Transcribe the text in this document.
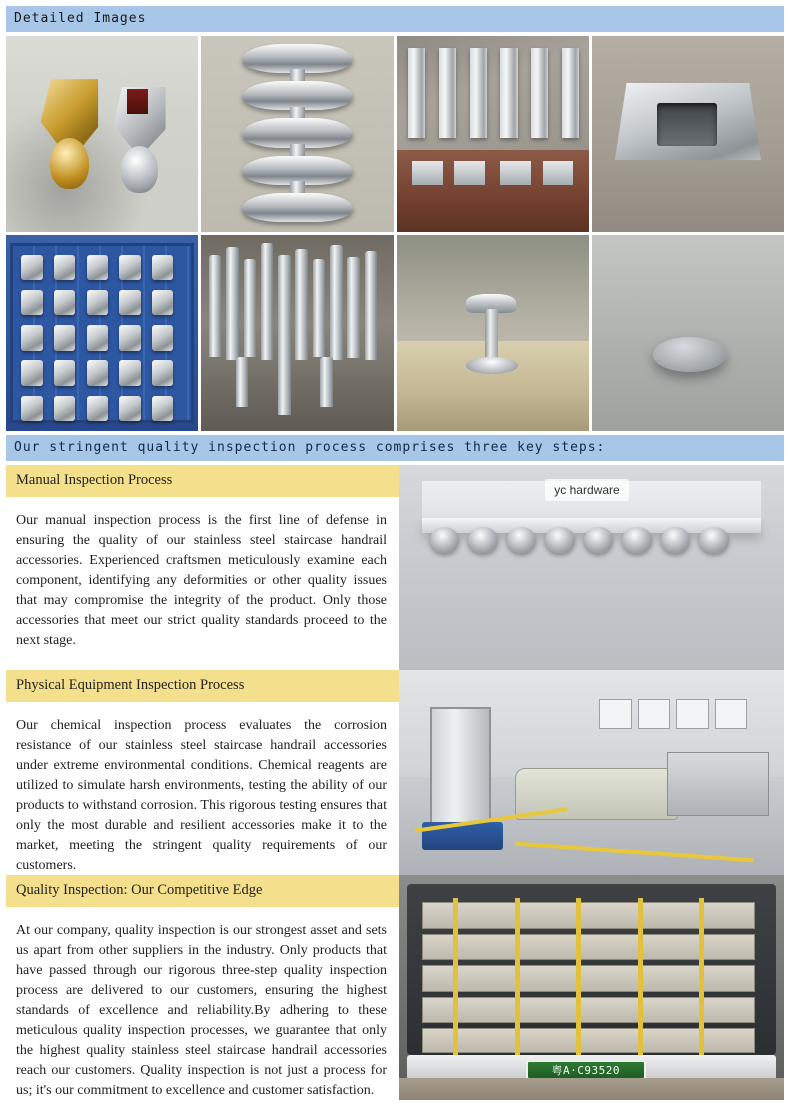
Detailed Images
Our stringent quality inspection process comprises three key steps:
Manual Inspection Process
Our manual inspection process is the first line of defense in ensuring the quality of our stainless steel staircase handrail accessories. Experienced craftsmen meticulously examine each component, identifying any deformities or other quality issues that may compromise the integrity of the product. Only those accessories that meet our strict quality standards proceed to the next stage.
yc hardware
Physical Equipment Inspection Process
Our chemical inspection process evaluates the corrosion resistance of our stainless steel staircase handrail accessories under extreme environmental conditions. Chemical reagents are utilized to simulate harsh environments, testing the ability of our products to withstand corrosion. This rigorous testing ensures that only the most durable and resilient accessories make it to the market, meeting the stringent quality requirements of our customers.
Quality Inspection: Our Competitive Edge
At our company, quality inspection is our strongest asset and sets us apart from other suppliers in the industry. Only products that have passed through our rigorous three-step quality inspection process are delivered to our customers, ensuring the highest standards of excellence and reliability.By adhering to these meticulous quality inspection processes, we guarantee that only the highest quality stainless steel staircase handrail accessories reach our customers. Quality inspection is not just a process for us; it's our commitment to excellence and customer satisfaction.
粤A·C93520
